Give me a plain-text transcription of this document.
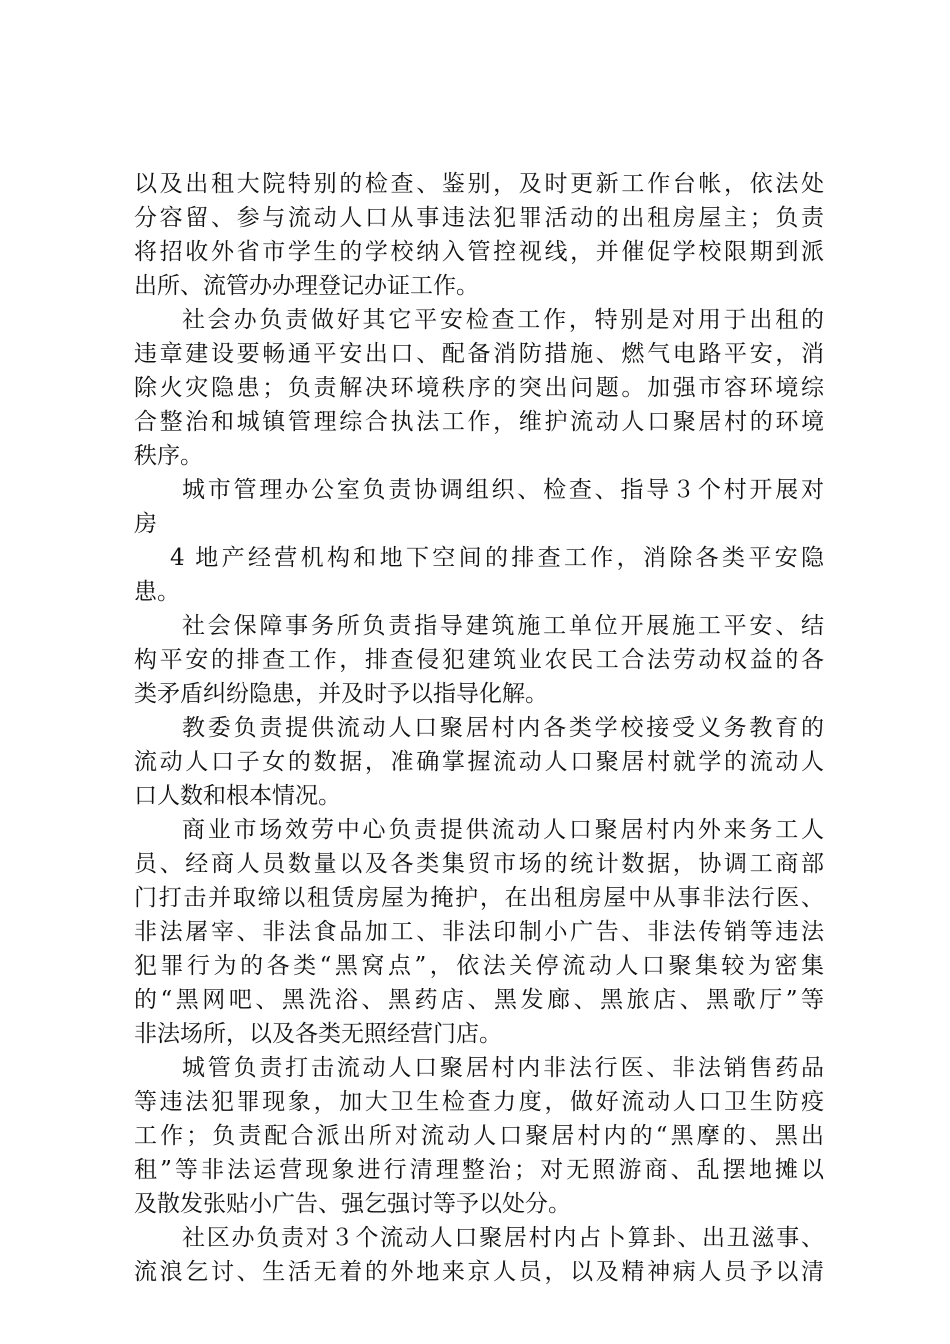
以及出租大院特别的检查、鉴别，及时更新工作台帐，依法处
分容留、参与流动人口从事违法犯罪活动的出租房屋主；负责
将招收外省市学生的学校纳入管控视线，并催促学校限期到派
出所、流管办办理登记办证工作。
社会办负责做好其它平安检查工作，特别是对用于出租的
违章建设要畅通平安出口、配备消防措施、燃气电路平安，消
除火灾隐患；负责解决环境秩序的突出问题。加强市容环境综
合整治和城镇管理综合执法工作，维护流动人口聚居村的环境
秩序。
城市管理办公室负责协调组织、检查、指导３个村开展对
房
4 地产经营机构和地下空间的排查工作，消除各类平安隐
患。
社会保障事务所负责指导建筑施工单位开展施工平安、结
构平安的排查工作，排查侵犯建筑业农民工合法劳动权益的各
类矛盾纠纷隐患，并及时予以指导化解。
教委负责提供流动人口聚居村内各类学校接受义务教育的
流动人口子女的数据，准确掌握流动人口聚居村就学的流动人
口人数和根本情况。
商业市场效劳中心负责提供流动人口聚居村内外来务工人
员、经商人员数量以及各类集贸市场的统计数据，协调工商部
门打击并取缔以租赁房屋为掩护，在出租房屋中从事非法行医、
非法屠宰、非法食品加工、非法印制小广告、非法传销等违法
犯罪行为的各类“黑窝点”，依法关停流动人口聚集较为密集
的“黑网吧、黑洗浴、黑药店、黑发廊、黑旅店、黑歌厅”等
非法场所，以及各类无照经营门店。
城管负责打击流动人口聚居村内非法行医、非法销售药品
等违法犯罪现象，加大卫生检查力度，做好流动人口卫生防疫
工作；负责配合派出所对流动人口聚居村内的“黑摩的、黑出
租”等非法运营现象进行清理整治；对无照游商、乱摆地摊以
及散发张贴小广告、强乞强讨等予以处分。
社区办负责对３个流动人口聚居村内占卜算卦、出丑滋事、
流浪乞讨、生活无着的外地来京人员，以及精神病人员予以清
